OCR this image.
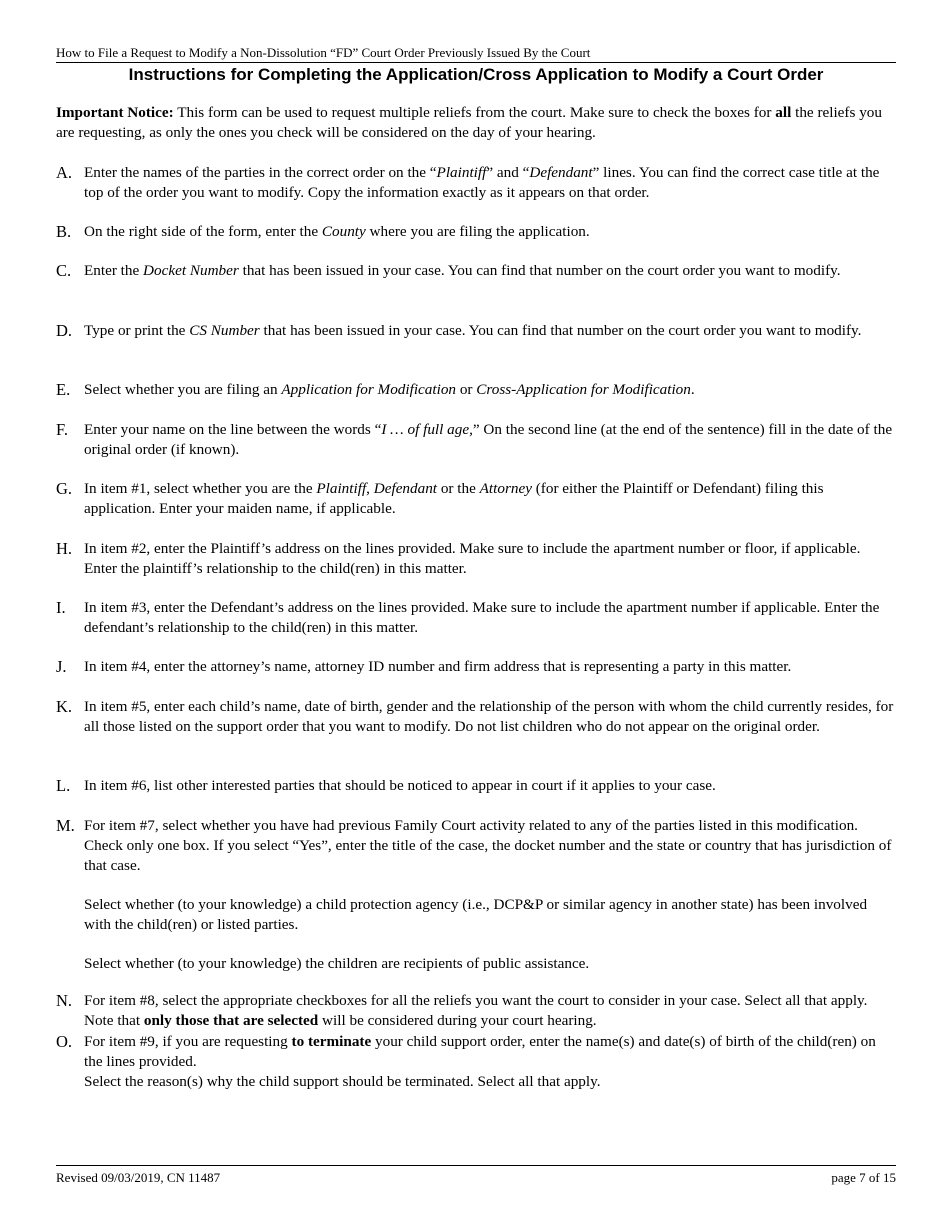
How to File a Request to Modify a Non-Dissolution “FD” Court Order Previously Issued By the Court
Instructions for Completing the Application/Cross Application to Modify a Court Order
Important Notice: This form can be used to request multiple reliefs from the court. Make sure to check the boxes for all the reliefs you are requesting, as only the ones you check will be considered on the day of your hearing.
A. Enter the names of the parties in the correct order on the “Plaintiff” and “Defendant” lines. You can find the correct case title at the top of the order you want to modify. Copy the information exactly as it appears on that order.
B. On the right side of the form, enter the County where you are filing the application.
C. Enter the Docket Number that has been issued in your case. You can find that number on the court order you want to modify.
D. Type or print the CS Number that has been issued in your case. You can find that number on the court order you want to modify.
E. Select whether you are filing an Application for Modification or Cross-Application for Modification.
F.	Enter your name on the line between the words “I … of full age,” On the second line (at the end of the sentence) fill in the date of the original order (if known).
G. In item #1, select whether you are the Plaintiff, Defendant or the Attorney (for either the Plaintiff or Defendant) filing this application. Enter your maiden name, if applicable.
H. In item #2, enter the Plaintiff’s address on the lines provided. Make sure to include the apartment number or floor, if applicable. Enter the plaintiff’s relationship to the child(ren) in this matter.
I.	In item #3, enter the Defendant’s address on the lines provided. Make sure to include the apartment number if applicable. Enter the defendant’s relationship to the child(ren) in this matter.
J.	In item #4, enter the attorney’s name, attorney ID number and firm address that is representing a party in this matter.
K. In item #5, enter each child’s name, date of birth, gender and the relationship of the person with whom the child currently resides, for all those listed on the support order that you want to modify. Do not list children who do not appear on the original order.
L. In item #6, list other interested parties that should be noticed to appear in court if it applies to your case.
M. For item #7, select whether you have had previous Family Court activity related to any of the parties listed in this modification. Check only one box. If you select “Yes”, enter the title of the case, the docket number and the state or country that has jurisdiction of that case.

Select whether (to your knowledge) a child protection agency (i.e., DCP&P or similar agency in another state) has been involved with the child(ren) or listed parties.

Select whether (to your knowledge) the children are recipients of public assistance.

N. For item #8, select the appropriate checkboxes for all the reliefs you want the court to consider in your case. Select all that apply. Note that only those that are selected will be considered during your court hearing.
O. For item #9, if you are requesting to terminate your child support order, enter the name(s) and date(s) of birth of the child(ren) on the lines provided.

Select the reason(s) why the child support should be terminated. Select all that apply.

Revised 09/03/2019, CN 11487	page 7 of 15
